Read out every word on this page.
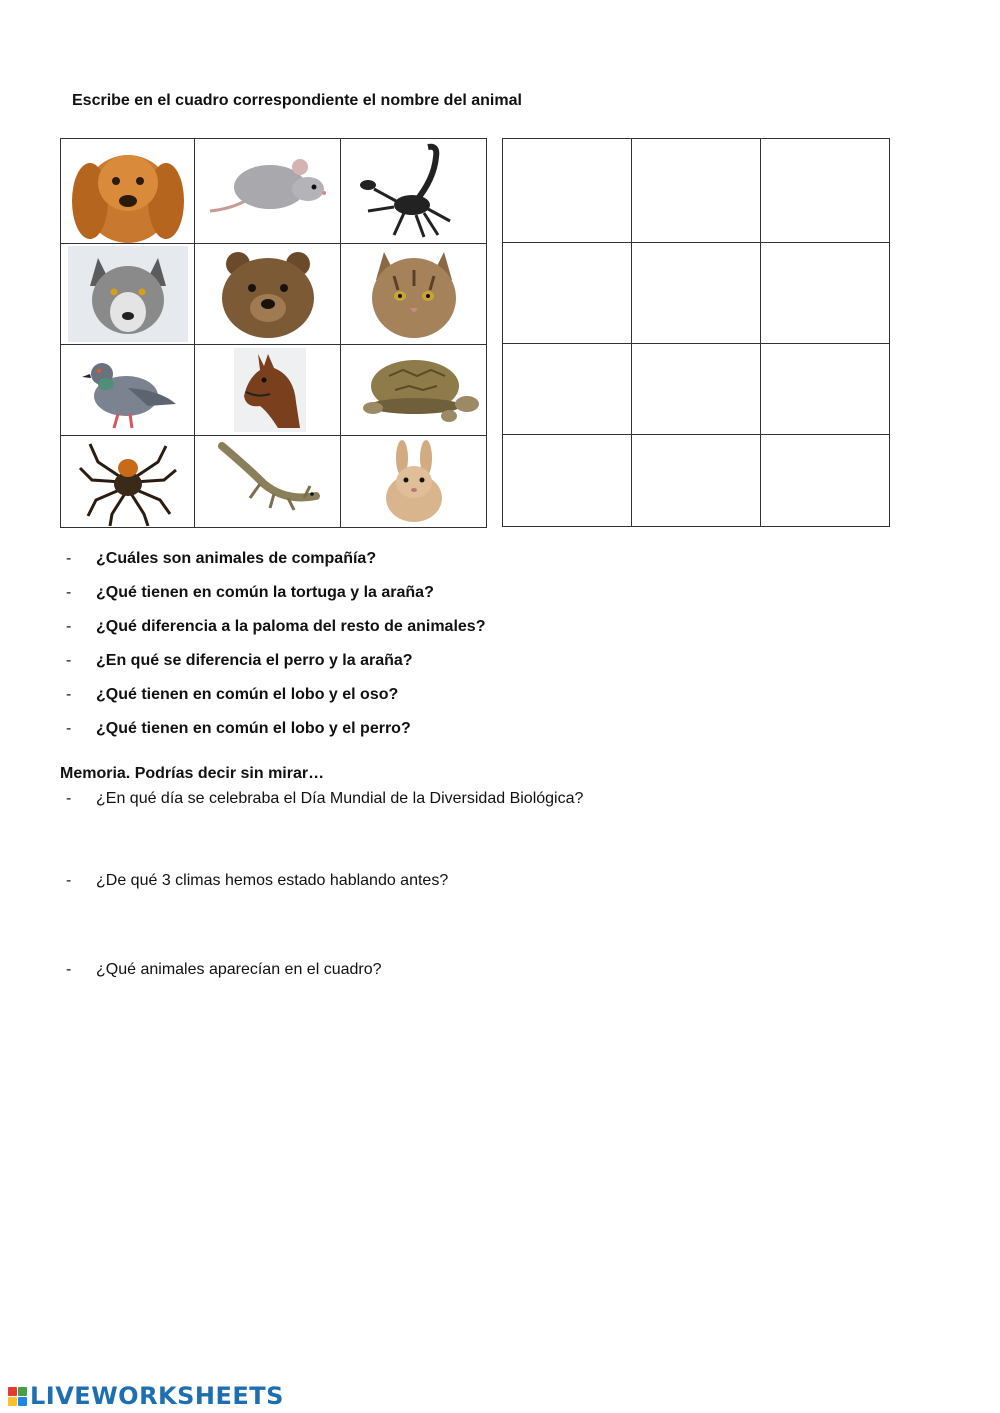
Escribe en el cuadro correspondiente el nombre del animal

- ¿Cuáles son animales de compañía?
- ¿Qué tienen en común la tortuga y la araña?
- ¿Qué diferencia a la paloma del resto de animales?
- ¿En qué se diferencia el perro y la araña?
- ¿Qué tienen en común el lobo y el oso?
- ¿Qué tienen en común el lobo y el perro?
Memoria. Podrías decir sin mirar…
- ¿En qué día se celebraba el Día Mundial de la Diversidad Biológica?
- ¿De qué 3 climas hemos estado hablando antes?
- ¿Qué animales aparecían en el cuadro?
LIVEWORKSHEETS
